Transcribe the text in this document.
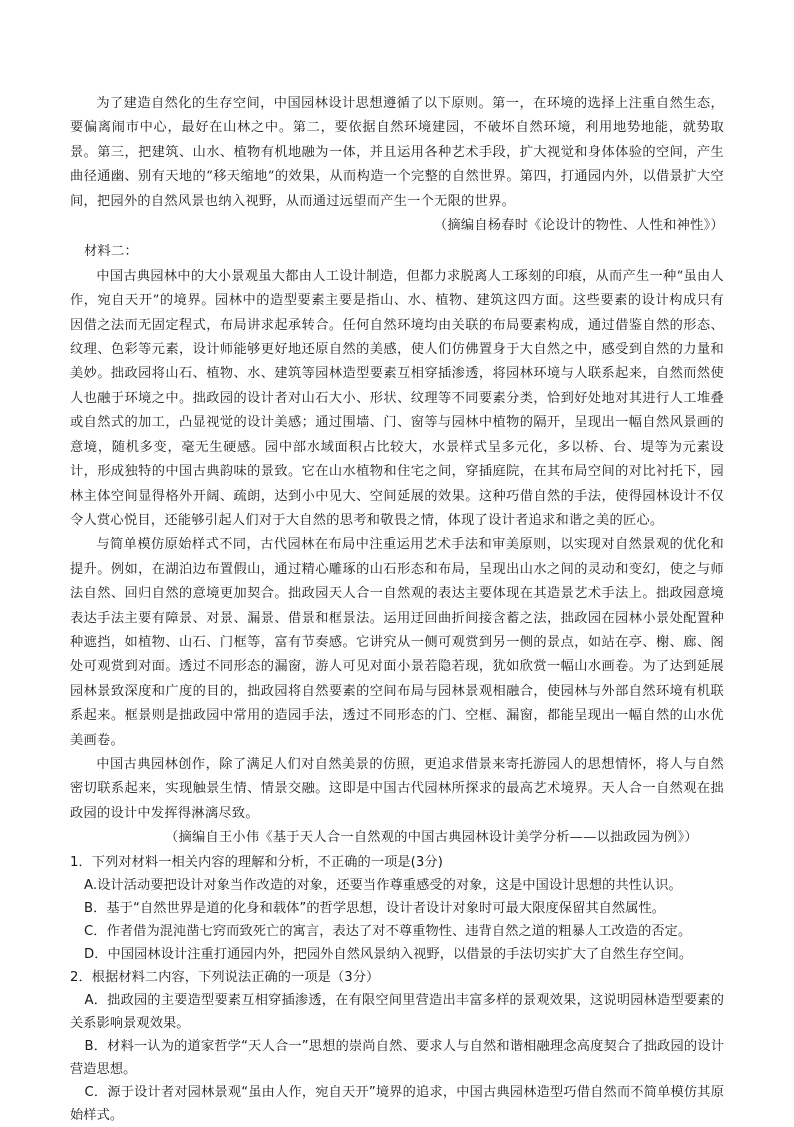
为了建造自然化的生存空间，中国园林设计思想遵循了以下原则。第一，在环境的选择上注重自然生态，要偏离闹市中心，最好在山林之中。第二，要依据自然环境建园，不破坏自然环境，利用地势地能，就势取景。第三，把建筑、山水、植物有机地融为一体，并且运用各种艺术手段，扩大视觉和身体体验的空间，产生曲径通幽、别有天地的“移天缩地”的效果，从而构造一个完整的自然世界。第四，打通园内外，以借景扩大空间，把园外的自然风景也纳入视野，从而通过远望而产生一个无限的世界。

（摘编自杨春时《论设计的物性、人性和神性》）

材料二：

中国古典园林中的大小景观虽大都由人工设计制造，但都力求脱离人工琢刻的印痕，从而产生一种“虽由人作，宛自天开”的境界。园林中的造型要素主要是指山、水、植物、建筑这四方面。这些要素的设计构成只有因借之法而无固定程式，布局讲求起承转合。任何自然环境均由关联的布局要素构成，通过借鉴自然的形态、纹理、色彩等元素，设计师能够更好地还原自然的美感，使人们仿佛置身于大自然之中，感受到自然的力量和美妙。拙政园将山石、植物、水、建筑等园林造型要素互相穿插渗透，将园林环境与人联系起来，自然而然使人也融于环境之中。拙政园的设计者对山石大小、形状、纹理等不同要素分类，恰到好处地对其进行人工堆叠或自然式的加工，凸显视觉的设计美感；通过围墙、门、窗等与园林中植物的隔开，呈现出一幅自然风景画的意境，随机多变，毫无生硬感。园中部水域面积占比较大，水景样式呈多元化，多以桥、台、堤等为元素设计，形成独特的中国古典韵味的景致。它在山水植物和住宅之间，穿插庭院，在其布局空间的对比衬托下，园林主体空间显得格外开阔、疏朗，达到小中见大、空间延展的效果。这种巧借自然的手法，使得园林设计不仅令人赏心悦目，还能够引起人们对于大自然的思考和敬畏之情，体现了设计者追求和谐之美的匠心。

与简单模仿原始样式不同，古代园林在布局中注重运用艺术手法和审美原则，以实现对自然景观的优化和提升。例如，在湖泊边布置假山，通过精心雕琢的山石形态和布局，呈现出山水之间的灵动和变幻，使之与师法自然、回归自然的意境更加契合。拙政园天人合一自然观的表达主要体现在其造景艺术手法上。拙政园意境表达手法主要有障景、对景、漏景、借景和框景法。运用迂回曲折间接含蓄之法，拙政园在园林小景处配置种种遮挡，如植物、山石、门框等，富有节奏感。它讲究从一侧可观赏到另一侧的景点，如站在亭、榭、廊、阁处可观赏到对面。透过不同形态的漏窗，游人可见对面小景若隐若现，犹如欣赏一幅山水画卷。为了达到延展园林景致深度和广度的目的，拙政园将自然要素的空间布局与园林景观相融合，使园林与外部自然环境有机联系起来。框景则是拙政园中常用的造园手法，透过不同形态的门、空框、漏窗，都能呈现出一幅自然的山水优美画卷。

中国古典园林创作，除了满足人们对自然美景的仿照，更追求借景来寄托游园人的思想情怀，将人与自然密切联系起来，实现触景生情、情景交融。这即是中国古代园林所探求的最高艺术境界。天人合一自然观在拙政园的设计中发挥得淋漓尽致。

（摘编自王小伟《基于天人合一自然观的中国古典园林设计美学分析——以拙政园为例》）

1．下列对材料一相关内容的理解和分析，不正确的一项是(3分)

A.设计活动要把设计对象当作改造的对象，还要当作尊重感受的对象，这是中国设计思想的共性认识。

B．基于“自然世界是道的化身和载体”的哲学思想，设计者设计对象时可最大限度保留其自然属性。

C．作者借为混沌凿七窍而致死亡的寓言，表达了对不尊重物性、违背自然之道的粗暴人工改造的否定。

D．中国园林设计注重打通园内外，把园外自然风景纳入视野，以借景的手法切实扩大了自然生存空间。

2．根据材料二内容，下列说法正确的一项是（3分）

A．拙政园的主要造型要素互相穿插渗透，在有限空间里营造出丰富多样的景观效果，这说明园林造型要素的关系影响景观效果。

B．材料一认为的道家哲学“天人合一”思想的崇尚自然、要求人与自然和谐相融理念高度契合了拙政园的设计营造思想。

C．源于设计者对园林景观“虽由人作，宛自天开”境界的追求，中国古典园林造型巧借自然而不简单模仿其原始样式。
